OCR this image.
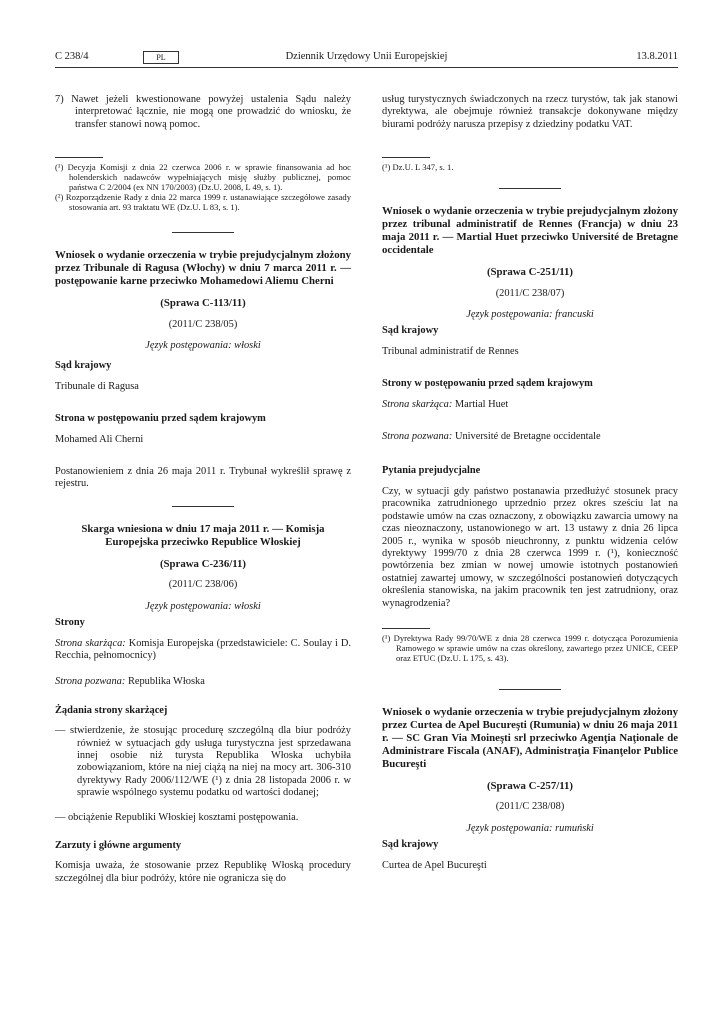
C 238/4	PL	Dziennik Urzędowy Unii Europejskiej	13.8.2011

7) Nawet jeżeli kwestionowane powyżej ustalenia Sądu należy interpretować łącznie, nie mogą one prowadzić do wniosku, że transfer stanowi nową pomoc.

(¹) Decyzja Komisji z dnia 22 czerwca 2006 r. w sprawie finansowania ad hoc holenderskich nadawców wypełniających misję służby publicznej, pomoc państwa C 2/2004 (ex NN 170/2003) (Dz.U. 2008, L 49, s. 1).

(²) Rozporządzenie Rady z dnia 22 marca 1999 r. ustanawiające szczegółowe zasady stosowania art. 93 traktatu WE (Dz.U. L 83, s. 1).

Wniosek o wydanie orzeczenia w trybie prejudycjalnym złożony przez Tribunale di Ragusa (Włochy) w dniu 7 marca 2011 r. — postępowanie karne przeciwko Mohamedowi Aliemu Cherni

(Sprawa C-113/11)

(2011/C 238/05)

Język postępowania: włoski

Sąd krajowy

Tribunale di Ragusa

Strona w postępowaniu przed sądem krajowym

Mohamed Ali Cherni

Postanowieniem z dnia 26 maja 2011 r. Trybunał wykreślił sprawę z rejestru.

Skarga wniesiona w dniu 17 maja 2011 r. — Komisja Europejska przeciwko Republice Włoskiej

(Sprawa C-236/11)

(2011/C 238/06)

Język postępowania: włoski

Strony

Strona skarżąca: Komisja Europejska (przedstawiciele: C. Soulay i D. Recchia, pełnomocnicy)

Strona pozwana: Republika Włoska

Żądania strony skarżącej

— stwierdzenie, że stosując procedurę szczególną dla biur podróży również w sytuacjach gdy usługa turystyczna jest sprzedawana innej osobie niż turysta Republika Włoska uchybiła zobowiązaniom, które na niej ciążą na niej na mocy art. 306-310 dyrektywy Rady 2006/112/WE (¹) z dnia 28 listopada 2006 r. w sprawie wspólnego systemu podatku od wartości dodanej;

— obciążenie Republiki Włoskiej kosztami postępowania.

Zarzuty i główne argumenty

Komisja uważa, że stosowanie przez Republikę Włoską procedury szczególnej dla biur podróży, które nie ogranicza się do

usług turystycznych świadczonych na rzecz turystów, tak jak stanowi dyrektywa, ale obejmuje również transakcje dokonywane między biurami podróży narusza przepisy z dziedziny podatku VAT.

(¹) Dz.U. L 347, s. 1.

Wniosek o wydanie orzeczenia w trybie prejudycjalnym złożony przez tribunal administratif de Rennes (Francja) w dniu 23 maja 2011 r. — Martial Huet przeciwko Université de Bretagne occidentale

(Sprawa C-251/11)

(2011/C 238/07)

Język postępowania: francuski

Sąd krajowy

Tribunal administratif de Rennes

Strony w postępowaniu przed sądem krajowym

Strona skarżąca: Martial Huet

Strona pozwana: Université de Bretagne occidentale

Pytania prejudycjalne

Czy, w sytuacji gdy państwo postanawia przedłużyć stosunek pracy pracownika zatrudnionego uprzednio przez okres sześciu lat na podstawie umów na czas oznaczony, z obowiązku zawarcia umowy na czas nieoznaczony, ustanowionego w art. 13 ustawy z dnia 26 lipca 2005 r., wynika w sposób nieuchronny, z punktu widzenia celów dyrektywy 1999/70 z dnia 28 czerwca 1999 r. (¹), konieczność powtórzenia bez zmian w nowej umowie istotnych postanowień ostatniej zawartej umowy, w szczególności postanowień dotyczących określenia stanowiska, na jakim pracownik ten jest zatrudniony, oraz wynagrodzenia?

(¹) Dyrektywa Rady 99/70/WE z dnia 28 czerwca 1999 r. dotycząca Porozumienia Ramowego w sprawie umów na czas określony, zawartego przez UNICE, CEEP oraz ETUC (Dz.U. L 175, s. 43).

Wniosek o wydanie orzeczenia w trybie prejudycjalnym złożony przez Curtea de Apel Bucureşti (Rumunia) w dniu 26 maja 2011 r. — SC Gran Via Moineşti srl przeciwko Agenţia Naţionale de Administrare Fiscala (ANAF), Administraţia Finanţelor Publice Bucureşti

(Sprawa C-257/11)

(2011/C 238/08)

Język postępowania: rumuński

Sąd krajowy

Curtea de Apel Bucureşti
